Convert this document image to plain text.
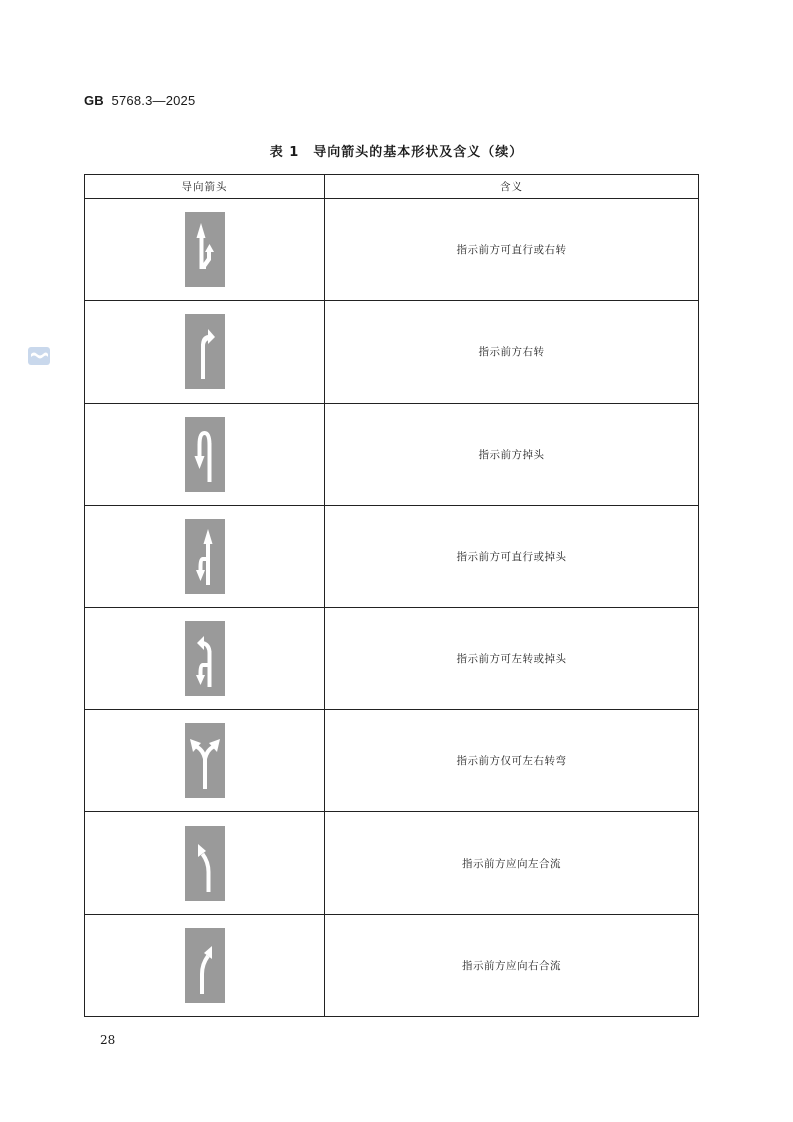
GB 5768.3—2025
表 1　导向箭头的基本形状及含义（续）
导向箭头	含义

	指示前方可直行或右转

	指示前方右转

	指示前方掉头

	指示前方可直行或掉头

	指示前方可左转或掉头

	指示前方仅可左右转弯

	指示前方应向左合流

	指示前方应向右合流
28
